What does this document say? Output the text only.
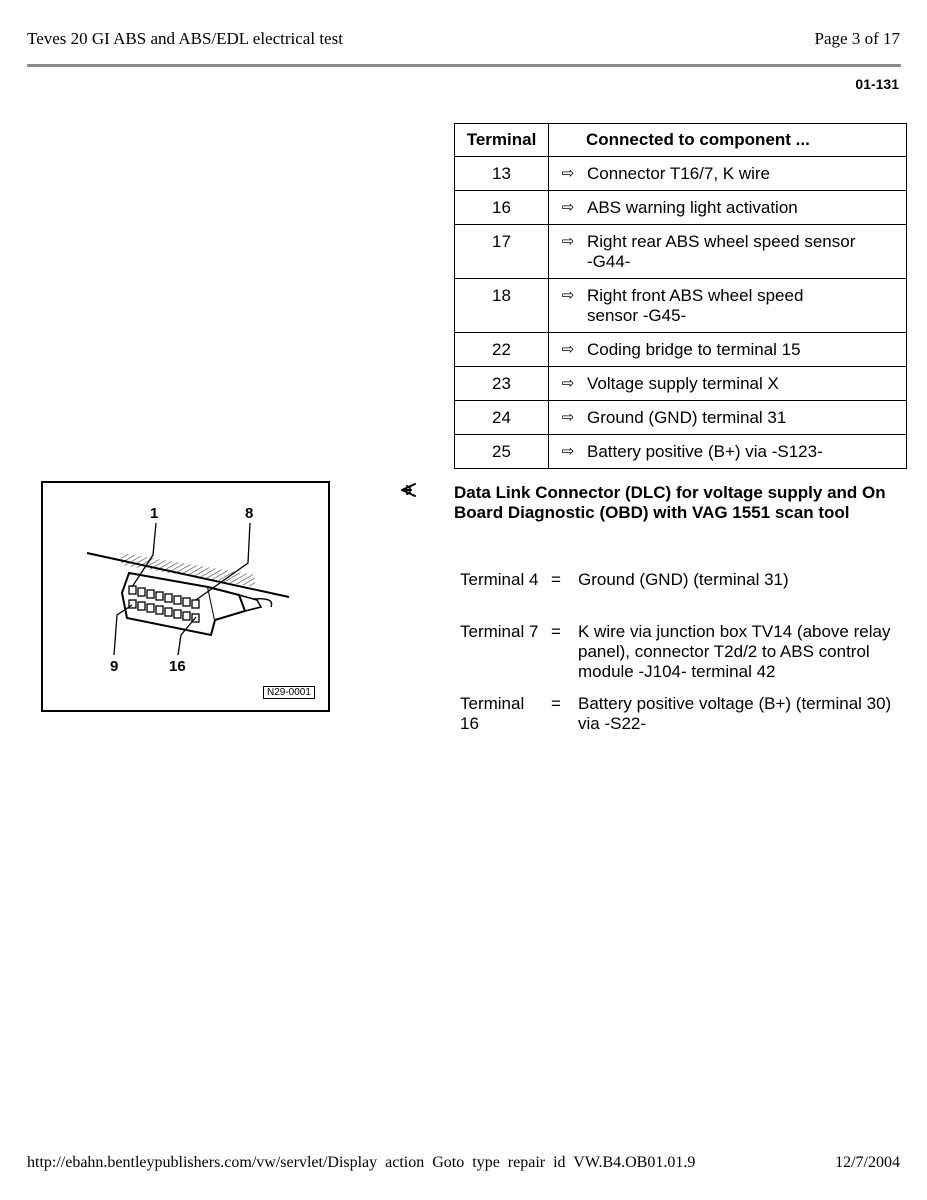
Teves 20 GI ABS and ABS/EDL electrical test	Page 3 of 17
01-131
Terminal	Connected to component ...
13	⇨ Connector T16/7, K wire

16	⇨ ABS warning light activation

17	⇨ Right rear ABS wheel speed sensor -G44-

18	⇨ Right front ABS wheel speed sensor -G45-

22	⇨ Coding bridge to terminal 15

23	⇨ Voltage supply terminal X

24	⇨ Ground (GND) terminal 31

25	⇨ Battery positive (B+) via -S123-
1	8
9	16
N29-0001
Data Link Connector (DLC) for voltage supply and On Board Diagnostic (OBD) with VAG 1551 scan tool
Terminal 4 = Ground (GND) (terminal 31)
Terminal 7 = K wire via junction box TV14 (above relay panel), connector T2d/2 to ABS control module -J104- terminal 42
Terminal 16
= Battery positive voltage (B+) (terminal 30) via -S22-
http://ebahn.bentleypublishers.com/vw/servlet/Display action Goto type repair id VW.B4.OB01.01.9	12/7/2004
